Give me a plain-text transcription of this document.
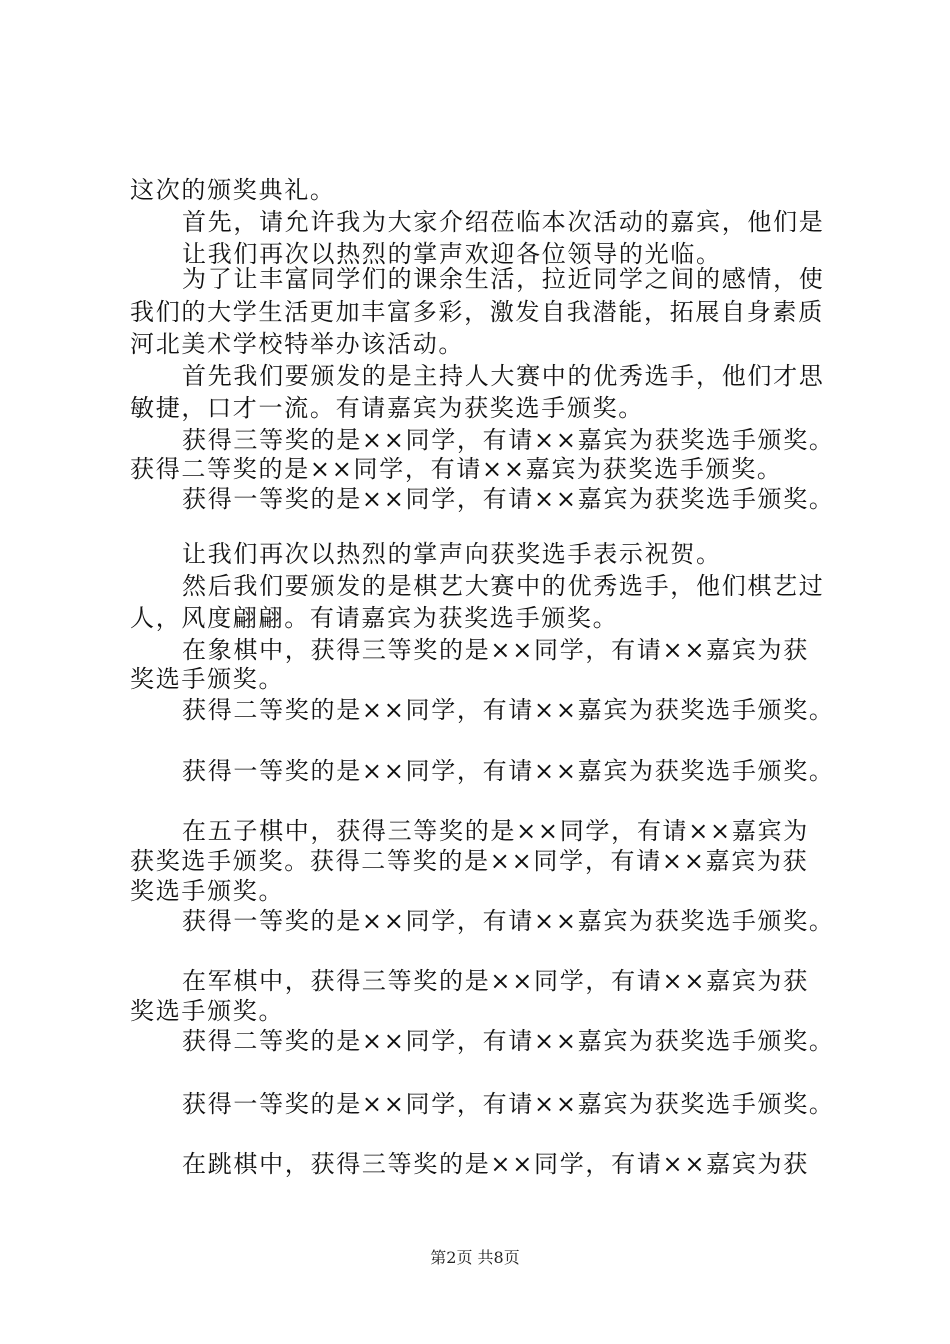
这次的颁奖典礼。
首先，请允许我为大家介绍莅临本次活动的嘉宾，他们是
让我们再次以热烈的掌声欢迎各位领导的光临。
为了让丰富同学们的课余生活，拉近同学之间的感情，使
我们的大学生活更加丰富多彩，激发自我潜能，拓展自身素质
河北美术学校特举办该活动。
首先我们要颁发的是主持人大赛中的优秀选手，他们才思
敏捷，口才一流。有请嘉宾为获奖选手颁奖。
获得三等奖的是××同学，有请××嘉宾为获奖选手颁奖。
获得二等奖的是××同学，有请××嘉宾为获奖选手颁奖。
获得一等奖的是××同学，有请××嘉宾为获奖选手颁奖。
让我们再次以热烈的掌声向获奖选手表示祝贺。
然后我们要颁发的是棋艺大赛中的优秀选手，他们棋艺过
人，风度翩翩。有请嘉宾为获奖选手颁奖。
在象棋中，获得三等奖的是××同学，有请××嘉宾为获
奖选手颁奖。
获得二等奖的是××同学，有请××嘉宾为获奖选手颁奖。
获得一等奖的是××同学，有请××嘉宾为获奖选手颁奖。
在五子棋中，获得三等奖的是××同学，有请××嘉宾为
获奖选手颁奖。获得二等奖的是××同学，有请××嘉宾为获
奖选手颁奖。
获得一等奖的是××同学，有请××嘉宾为获奖选手颁奖。
在军棋中，获得三等奖的是××同学，有请××嘉宾为获
奖选手颁奖。
获得二等奖的是××同学，有请××嘉宾为获奖选手颁奖。
获得一等奖的是××同学，有请××嘉宾为获奖选手颁奖。
在跳棋中，获得三等奖的是××同学，有请××嘉宾为获
第2页 共8页
